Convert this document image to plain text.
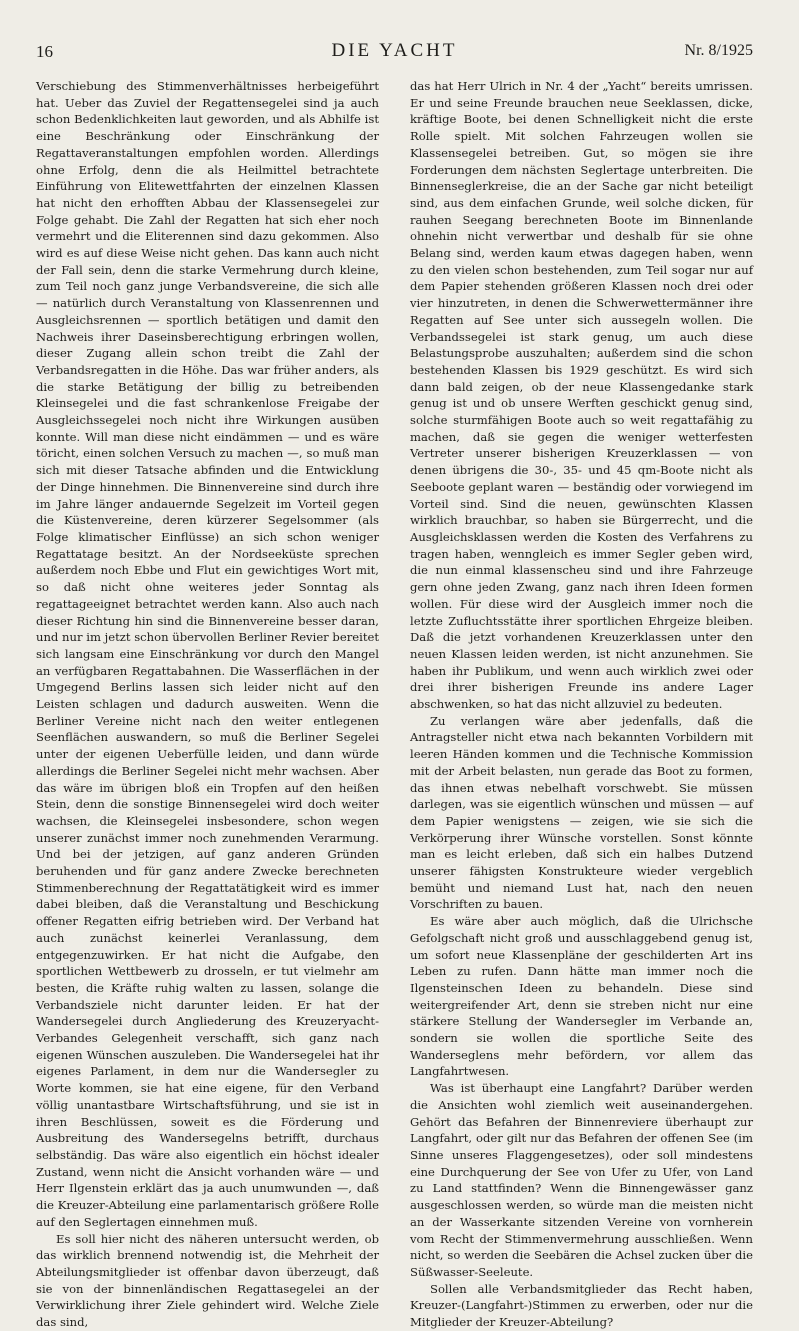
16	DIE YACHT	Nr. 8/1925

Verschiebung des Stimmenverhältnisses herbeigeführt hat. Ueber das Zuviel der Regattensegelei sind ja auch schon Bedenklichkeiten laut geworden, und als Abhilfe ist eine Beschränkung oder Einschränkung der Regattaveranstaltungen empfohlen worden. Allerdings ohne Erfolg, denn die als Heilmittel betrachtete Einführung von Elitewettfahrten der einzelnen Klassen hat nicht den erhofften Abbau der Klassensegelei zur Folge gehabt. Die Zahl der Regatten hat sich eher noch vermehrt und die Eliterennen sind dazu gekommen. Also wird es auf diese Weise nicht gehen. Das kann auch nicht der Fall sein, denn die starke Vermehrung durch kleine, zum Teil noch ganz junge Verbandsvereine, die sich alle — natürlich durch Veranstaltung von Klassenrennen und Ausgleichsrennen — sportlich betätigen und damit den Nachweis ihrer Daseinsberechtigung erbringen wollen, dieser Zugang allein schon treibt die Zahl der Verbandsregatten in die Höhe. Das war früher anders, als die starke Betätigung der billig zu betreibenden Kleinsegelei und die fast schrankenlose Freigabe der Ausgleichssegelei noch nicht ihre Wirkungen ausüben konnte. Will man diese nicht eindämmen — und es wäre töricht, einen solchen Versuch zu machen —, so muß man sich mit dieser Tatsache abfinden und die Entwicklung der Dinge hinnehmen. Die Binnenvereine sind durch ihre im Jahre länger andauernde Segelzeit im Vorteil gegen die Küstenvereine, deren kürzerer Segelsommer (als Folge klimatischer Einflüsse) an sich schon weniger Regattatage besitzt. An der Nordseeküste sprechen außerdem noch Ebbe und Flut ein gewichtiges Wort mit, so daß nicht ohne weiteres jeder Sonntag als regattageeignet betrachtet werden kann. Also auch nach dieser Richtung hin sind die Binnenvereine besser daran, und nur im jetzt schon übervollen Berliner Revier bereitet sich langsam eine Einschränkung vor durch den Mangel an verfügbaren Regattabahnen. Die Wasserflächen in der Umgegend Berlins lassen sich leider nicht auf den Leisten schlagen und dadurch ausweiten. Wenn die Berliner Vereine nicht nach den weiter entlegenen Seenflächen auswandern, so muß die Berliner Segelei unter der eigenen Ueberfülle leiden, und dann würde allerdings die Berliner Segelei nicht mehr wachsen. Aber das wäre im übrigen bloß ein Tropfen auf den heißen Stein, denn die sonstige Binnensegelei wird doch weiter wachsen, die Kleinsegelei insbesondere, schon wegen unserer zunächst immer noch zunehmenden Verarmung. Und bei der jetzigen, auf ganz anderen Gründen beruhenden und für ganz andere Zwecke berechneten Stimmenberechnung der Regattatätigkeit wird es immer dabei bleiben, daß die Veranstaltung und Beschickung offener Regatten eifrig betrieben wird. Der Verband hat auch zunächst keinerlei Veranlassung, dem entgegenzuwirken. Er hat nicht die Aufgabe, den sportlichen Wettbewerb zu drosseln, er tut vielmehr am besten, die Kräfte ruhig walten zu lassen, solange die Verbandsziele nicht darunter leiden. Er hat der Wandersegelei durch Angliederung des Kreuzeryacht-Verbandes Gelegenheit verschafft, sich ganz nach eigenen Wünschen auszuleben. Die Wandersegelei hat ihr eigenes Parlament, in dem nur die Wandersegler zu Worte kommen, sie hat eine eigene, für den Verband völlig unantastbare Wirtschaftsführung, und sie ist in ihren Beschlüssen, soweit es die Förderung und Ausbreitung des Wandersegelns betrifft, durchaus selbständig. Das wäre also eigentlich ein höchst idealer Zustand, wenn nicht die Ansicht vorhanden wäre — und Herr Ilgenstein erklärt das ja auch unumwunden —, daß die Kreuzer-Abteilung eine parlamentarisch größere Rolle auf den Seglertagen einnehmen muß.

Es soll hier nicht des näheren untersucht werden, ob das wirklich brennend notwendig ist, die Mehrheit der Abteilungsmitglieder ist offenbar davon überzeugt, daß sie von der binnenländischen Regattasegelei an der Verwirklichung ihrer Ziele gehindert wird. Welche Ziele das sind,

das hat Herr Ulrich in Nr. 4 der „Yacht“ bereits umrissen. Er und seine Freunde brauchen neue Seeklassen, dicke, kräftige Boote, bei denen Schnelligkeit nicht die erste Rolle spielt. Mit solchen Fahrzeugen wollen sie Klassensegelei betreiben. Gut, so mögen sie ihre Forderungen dem nächsten Seglertage unterbreiten. Die Binnenseglerkreise, die an der Sache gar nicht beteiligt sind, aus dem einfachen Grunde, weil solche dicken, für rauhen Seegang berechneten Boote im Binnenlande ohnehin nicht verwertbar und deshalb für sie ohne Belang sind, werden kaum etwas dagegen haben, wenn zu den vielen schon bestehenden, zum Teil sogar nur auf dem Papier stehenden größeren Klassen noch drei oder vier hinzutreten, in denen die Schwerwettermänner ihre Regatten auf See unter sich aussegeln wollen. Die Verbandssegelei ist stark genug, um auch diese Belastungsprobe auszuhalten; außerdem sind die schon bestehenden Klassen bis 1929 geschützt. Es wird sich dann bald zeigen, ob der neue Klassengedanke stark genug ist und ob unsere Werften geschickt genug sind, solche sturmfähigen Boote auch so weit regattafähig zu machen, daß sie gegen die weniger wetterfesten Vertreter unserer bisherigen Kreuzerklassen — von denen übrigens die 30-, 35- und 45 qm-Boote nicht als Seeboote geplant waren — beständig oder vorwiegend im Vorteil sind. Sind die neuen, gewünschten Klassen wirklich brauchbar, so haben sie Bürgerrecht, und die Ausgleichsklassen werden die Kosten des Verfahrens zu tragen haben, wenngleich es immer Segler geben wird, die nun einmal klassenscheu sind und ihre Fahrzeuge gern ohne jeden Zwang, ganz nach ihren Ideen formen wollen. Für diese wird der Ausgleich immer noch die letzte Zufluchtsstätte ihrer sportlichen Ehrgeize bleiben. Daß die jetzt vorhandenen Kreuzerklassen unter den neuen Klassen leiden werden, ist nicht anzunehmen. Sie haben ihr Publikum, und wenn auch wirklich zwei oder drei ihrer bisherigen Freunde ins andere Lager abschwenken, so hat das nicht allzuviel zu bedeuten.

Zu verlangen wäre aber jedenfalls, daß die Antragsteller nicht etwa nach bekannten Vorbildern mit leeren Händen kommen und die Technische Kommission mit der Arbeit belasten, nun gerade das Boot zu formen, das ihnen etwas nebelhaft vorschwebt. Sie müssen darlegen, was sie eigentlich wünschen und müssen — auf dem Papier wenigstens — zeigen, wie sie sich die Verkörperung ihrer Wünsche vorstellen. Sonst könnte man es leicht erleben, daß sich ein halbes Dutzend unserer fähigsten Konstrukteure wieder vergeblich bemüht und niemand Lust hat, nach den neuen Vorschriften zu bauen.

Es wäre aber auch möglich, daß die Ulrichsche Gefolgschaft nicht groß und ausschlaggebend genug ist, um sofort neue Klassenpläne der geschilderten Art ins Leben zu rufen. Dann hätte man immer noch die Ilgensteinschen Ideen zu behandeln. Diese sind weitergreifender Art, denn sie streben nicht nur eine stärkere Stellung der Wandersegler im Verbande an, sondern sie wollen die sportliche Seite des Wanderseglens mehr befördern, vor allem das Langfahrtwesen.

Was ist überhaupt eine Langfahrt? Darüber werden die Ansichten wohl ziemlich weit auseinandergehen. Gehört das Befahren der Binnenreviere überhaupt zur Langfahrt, oder gilt nur das Befahren der offenen See (im Sinne unseres Flaggengesetzes), oder soll mindestens eine Durchquerung der See von Ufer zu Ufer, von Land zu Land stattfinden? Wenn die Binnengewässer ganz ausgeschlossen werden, so würde man die meisten nicht an der Wasserkante sitzenden Vereine von vornherein vom Recht der Stimmenvermehrung ausschließen. Wenn nicht, so werden die Seebären die Achsel zucken über die Süßwasser-Seeleute.

Sollen alle Verbandsmitglieder das Recht haben, Kreuzer-(Langfahrt-)Stimmen zu erwerben, oder nur die Mitglieder der Kreuzer-Abteilung?
